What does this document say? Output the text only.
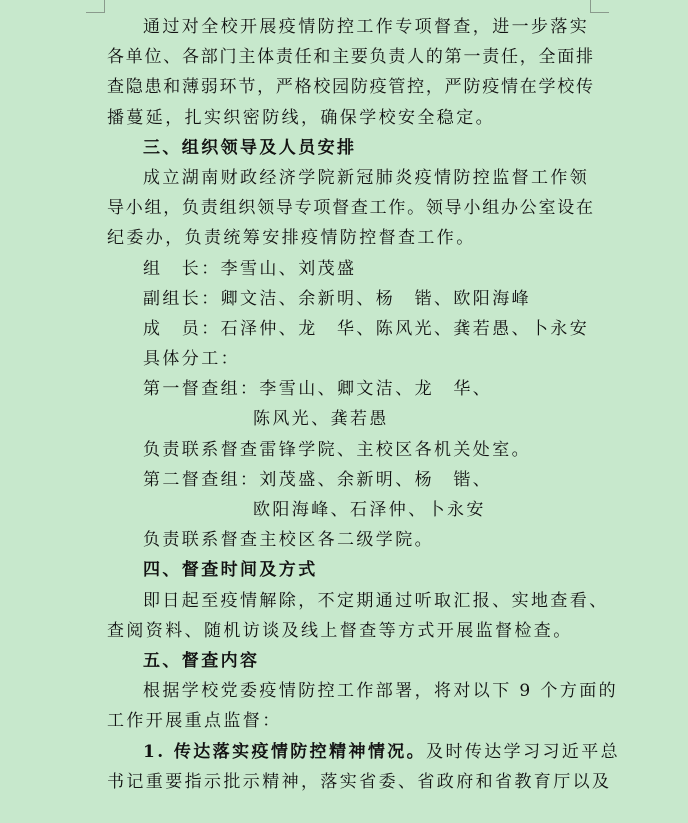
通过对全校开展疫情防控工作专项督查，进一步落实
各单位、各部门主体责任和主要负责人的第一责任，全面排
查隐患和薄弱环节，严格校园防疫管控，严防疫情在学校传
播蔓延，扎实织密防线，确保学校安全稳定。
三、组织领导及人员安排
成立湖南财政经济学院新冠肺炎疫情防控监督工作领
导小组，负责组织领导专项督查工作。领导小组办公室设在
纪委办，负责统筹安排疫情防控督查工作。
组　长：李雪山、刘茂盛
副组长：卿文洁、余新明、杨　锴、欧阳海峰
成　员：石泽仲、龙　华、陈风光、龚若愚、卜永安
具体分工：
第一督查组：李雪山、卿文洁、龙　华、
陈风光、龚若愚
负责联系督查雷锋学院、主校区各机关处室。
第二督查组：刘茂盛、余新明、杨　锴、
欧阳海峰、石泽仲、卜永安
负责联系督查主校区各二级学院。
四、督查时间及方式
即日起至疫情解除，不定期通过听取汇报、实地查看、
查阅资料、随机访谈及线上督查等方式开展监督检查。
五、督查内容
根据学校党委疫情防控工作部署，将对以下 9 个方面的
工作开展重点监督：
1. 传达落实疫情防控精神情况。及时传达学习习近平总
书记重要指示批示精神，落实省委、省政府和省教育厅以及
